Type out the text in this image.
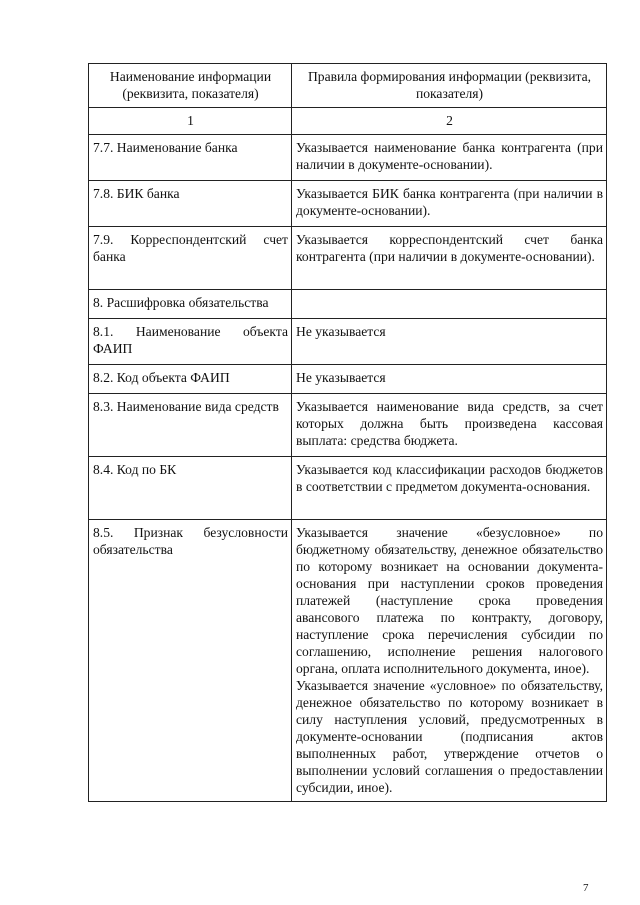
Наименование информации (реквизита, показателя)	Правила формирования информации (реквизита, показателя)
1	2
7.7. Наименование банка	Указывается наименование банка контрагента (при наличии в документе-основании).
7.8. БИК банка	Указывается БИК банка контрагента (при наличии в документе-основании).
7.9. Корреспондентский счет банка	Указывается корреспондентский счет банка контрагента (при наличии в документе-основании).
8. Расшифровка обязательства	
8.1. Наименование объекта ФАИП	Не указывается
8.2. Код объекта ФАИП	Не указывается
8.3. Наименование вида средств	Указывается наименование вида средств, за счет которых должна быть произведена кассовая выплата: средства бюджета.
8.4. Код по БК	Указывается код классификации расходов бюджетов в соответствии с предметом документа-основания.
8.5. Признак безусловности обязательства	Указывается значение «безусловное» по бюджетному обязательству, денежное обязательство по которому возникает на основании документа-основания при наступлении сроков проведения платежей (наступление срока проведения авансового платежа по контракту, договору, наступление срока перечисления субсидии по соглашению, исполнение решения налогового органа, оплата исполнительного документа, иное).

Указывается значение «условное» по обязательству, денежное обязательство по которому возникает в силу наступления условий, предусмотренных в документе-основании (подписания актов выполненных работ, утверждение отчетов о выполнении условий соглашения о предоставлении субсидии, иное).

7
